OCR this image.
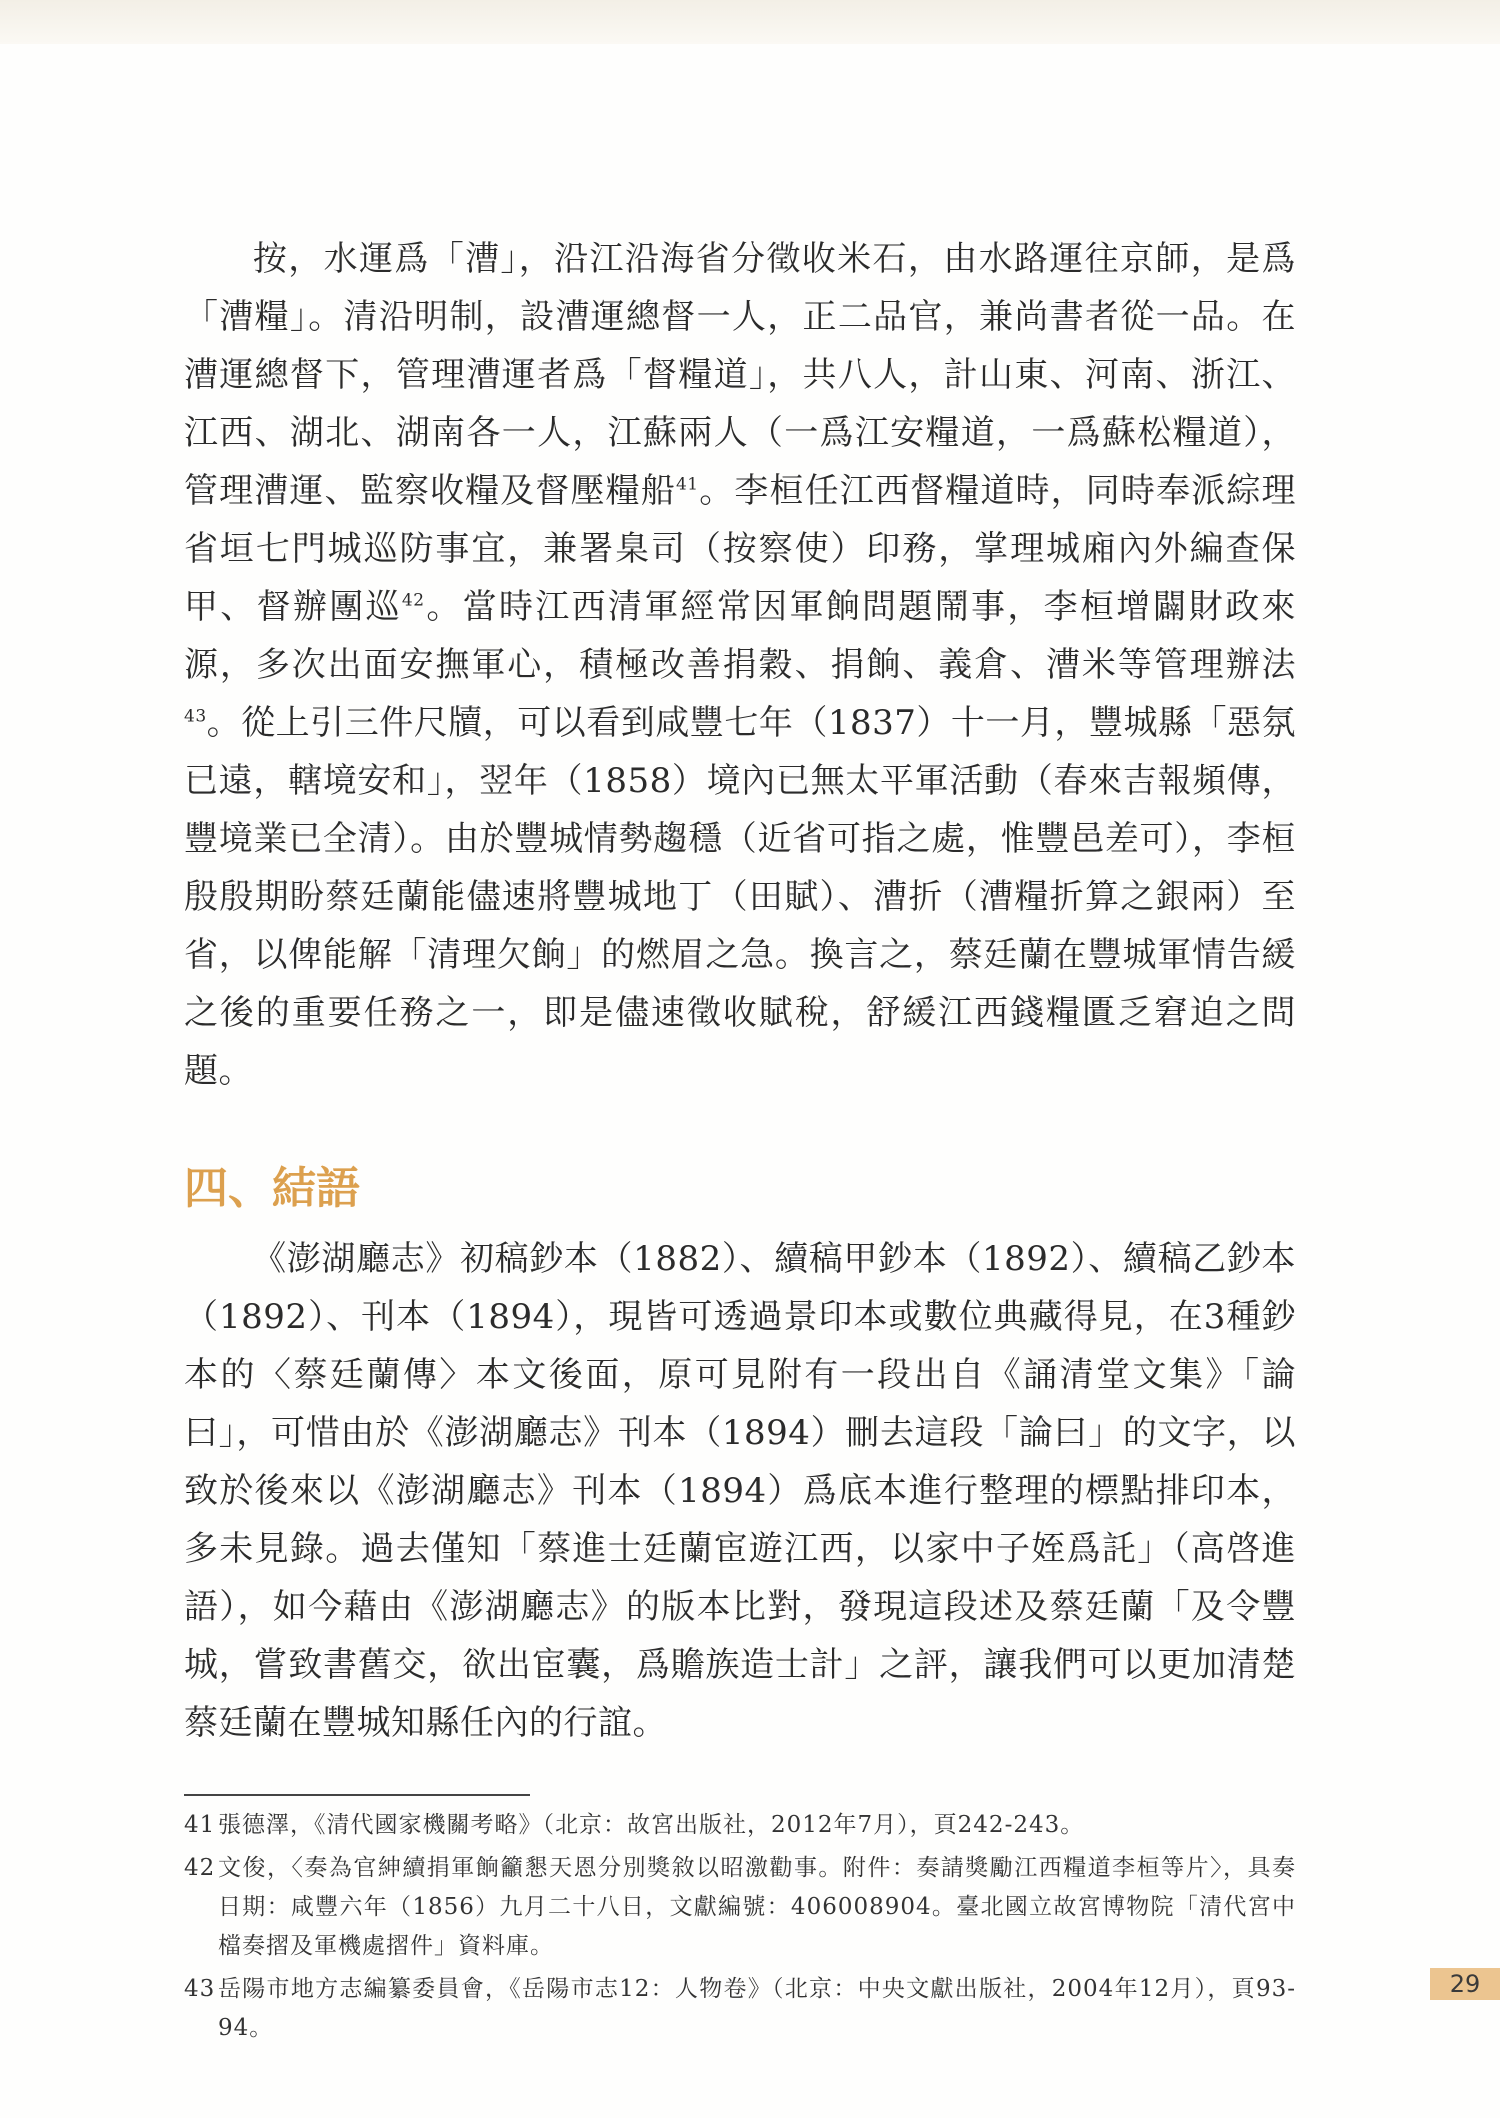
按，水運爲「漕」，沿江沿海省分徵收米石，由水路運往京師，是爲「漕糧」。清沿明制，設漕運總督一人，正二品官，兼尚書者從一品。在漕運總督下，管理漕運者爲「督糧道」，共八人，計山東、河南、浙江、江西、湖北、湖南各一人，江蘇兩人（一爲江安糧道，一爲蘇松糧道），管理漕運、監察收糧及督壓糧船$^{41}$。李桓任江西督糧道時，同時奉派綜理省垣七門城巡防事宜，兼署臬司（按察使）印務，掌理城廂內外編查保甲、督辦團巡$^{42}$。當時江西清軍經常因軍餉問題鬧事，李桓增闢財政來源，多次出面安撫軍心，積極改善捐穀、捐餉、義倉、漕米等管理辦法$^{43}$。從上引三件尺牘，可以看到咸豐七年（1837）十一月，豐城縣「惡氛已遠，轄境安和」，翌年（1858）境內已無太平軍活動（春來吉報頻傳，豐境業已全清）。由於豐城情勢趨穩（近省可指之處，惟豐邑差可），李桓殷殷期盼蔡廷蘭能儘速將豐城地丁（田賦）、漕折（漕糧折算之銀兩）至省，以俾能解「清理欠餉」的燃眉之急。換言之，蔡廷蘭在豐城軍情告緩之後的重要任務之一，即是儘速徵收賦稅，舒緩江西錢糧匱乏窘迫之問題。

四、結語

《澎湖廳志》初稿鈔本（1882）、續稿甲鈔本（1892）、續稿乙鈔本（1892）、刊本（1894），現皆可透過景印本或數位典藏得見，在3種鈔本的〈蔡廷蘭傳〉本文後面，原可見附有一段出自《誦清堂文集》「論曰」，可惜由於《澎湖廳志》刊本（1894）刪去這段「論曰」的文字，以致於後來以《澎湖廳志》刊本（1894）爲底本進行整理的標點排印本，多未見錄。過去僅知「蔡進士廷蘭宦遊江西，以家中子姪爲託」（高啓進語），如今藉由《澎湖廳志》的版本比對，發現這段述及蔡廷蘭「及令豐城，嘗致書舊交，欲出宦囊，爲贍族造士計」之評，讓我們可以更加清楚蔡廷蘭在豐城知縣任內的行誼。

41 張德澤，《清代國家機關考略》（北京：故宮出版社，2012年7月），頁242-243。
42 文俊，〈奏為官紳續捐軍餉籲懇天恩分別獎敘以昭激勸事。附件：奏請獎勵江西糧道李桓等片〉，具奏日期：咸豐六年（1856）九月二十八日，文獻編號：406008904。臺北國立故宮博物院「清代宮中檔奏摺及軍機處摺件」資料庫。
43 岳陽市地方志編纂委員會，《岳陽市志12：人物卷》（北京：中央文獻出版社，2004年12月），頁93-94。
29
